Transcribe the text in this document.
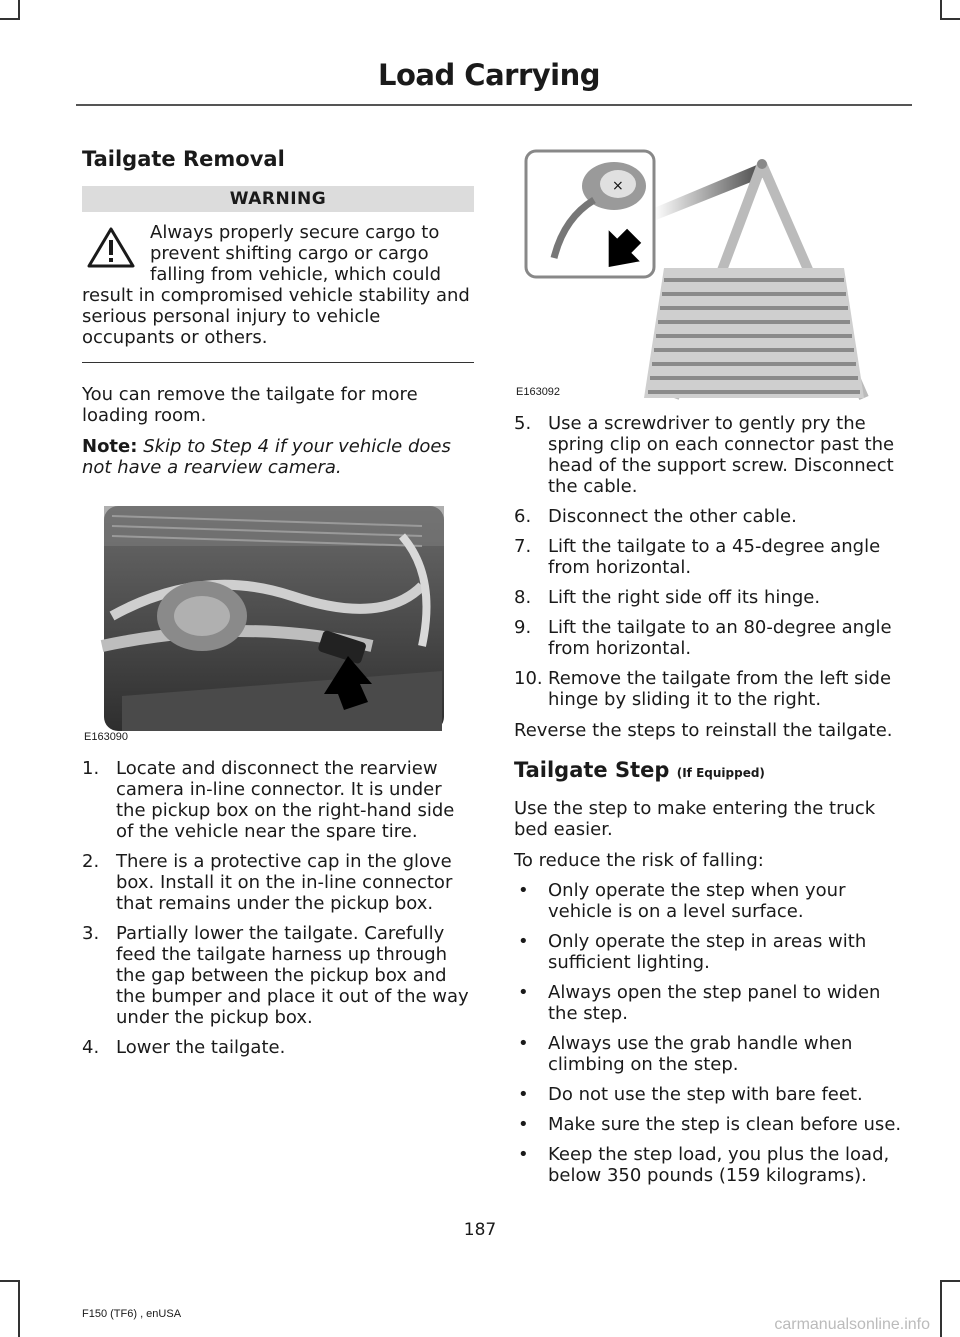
Load Carrying
Tailgate Removal
WARNING
Always properly secure cargo to prevent shifting cargo or cargo falling from vehicle, which could result in compromised vehicle stability and serious personal injury to vehicle occupants or others.

You can remove the tailgate for more loading room.

Note: Skip to Step 4 if your vehicle does not have a rearview camera.

E163090
1. Locate and disconnect the rearview camera in-line connector. It is under the pickup box on the right-hand side of the vehicle near the spare tire.
2. There is a protective cap in the glove box. Install it on the in-line connector that remains under the pickup box.
3. Partially lower the tailgate. Carefully feed the tailgate harness up through the gap between the pickup box and the bumper and place it out of the way under the pickup box.
4. Lower the tailgate.
×
E163092
5. Use a screwdriver to gently pry the spring clip on each connector past the head of the support screw. Disconnect the cable.
6. Disconnect the other cable.
7. Lift the tailgate to a 45-degree angle from horizontal.
8. Lift the right side off its hinge.
9. Lift the tailgate to an 80-degree angle from horizontal.
10. Remove the tailgate from the left side hinge by sliding it to the right.

Reverse the steps to reinstall the tailgate.

Tailgate Step (If Equipped)

Use the step to make entering the truck bed easier.

To reduce the risk of falling:

• Only operate the step when your vehicle is on a level surface.
• Only operate the step in areas with sufficient lighting.
• Always open the step panel to widen the step.
• Always use the grab handle when climbing on the step.
• Do not use the step with bare feet.
• Make sure the step is clean before use.
• Keep the step load, you plus the load, below 350 pounds (159 kilograms).
187
F150 (TF6) , enUSA
carmanualsonline.info
